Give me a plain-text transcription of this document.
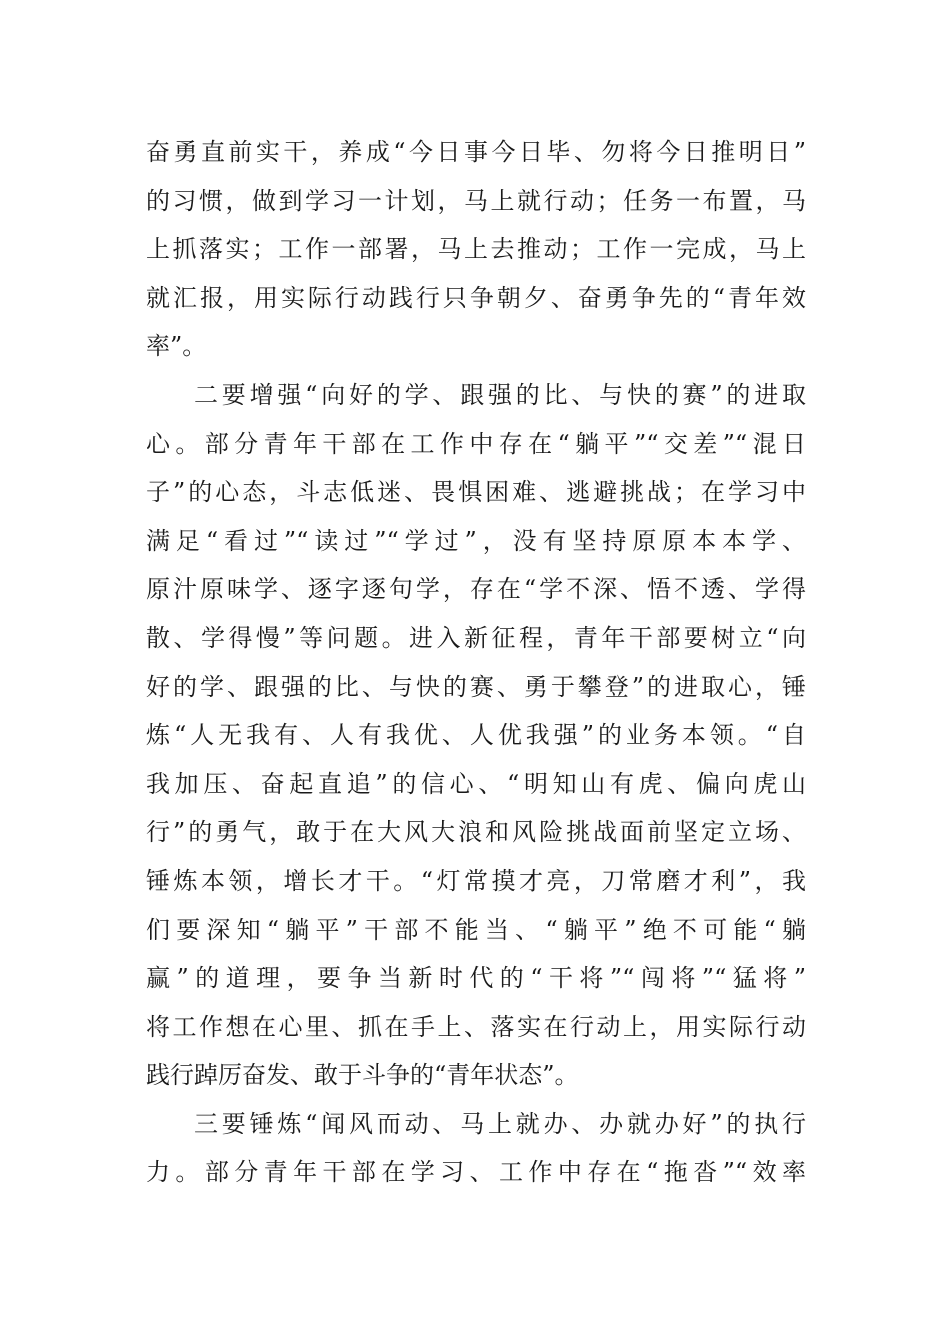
奋勇直前实干，养成“今日事今日毕、勿将今日推明日”
的习惯，做到学习一计划，马上就行动；任务一布置，马
上抓落实；工作一部署，马上去推动；工作一完成，马上
就汇报，用实际行动践行只争朝夕、奋勇争先的“青年效
率”。
二要增强“向好的学、跟强的比、与快的赛”的进取
心。部分青年干部在工作中存在“躺平”“交差”“混日
子”的心态，斗志低迷、畏惧困难、逃避挑战；在学习中
满足“看过”“读过”“学过”，没有坚持原原本本学、
原汁原味学、逐字逐句学，存在“学不深、悟不透、学得
散、学得慢”等问题。进入新征程，青年干部要树立“向
好的学、跟强的比、与快的赛、勇于攀登”的进取心，锤
炼“人无我有、人有我优、人优我强”的业务本领。“自
我加压、奋起直追”的信心、“明知山有虎、偏向虎山
行”的勇气，敢于在大风大浪和风险挑战面前坚定立场、
锤炼本领，增长才干。“灯常摸才亮，刀常磨才利”，我
们要深知“躺平”干部不能当、“躺平”绝不可能“躺
赢”的道理，要争当新时代的“干将”“闯将”“猛将”
将工作想在心里、抓在手上、落实在行动上，用实际行动
践行踔厉奋发、敢于斗争的“青年状态”。
三要锤炼“闻风而动、马上就办、办就办好”的执行
力。部分青年干部在学习、工作中存在“拖沓”“效率
